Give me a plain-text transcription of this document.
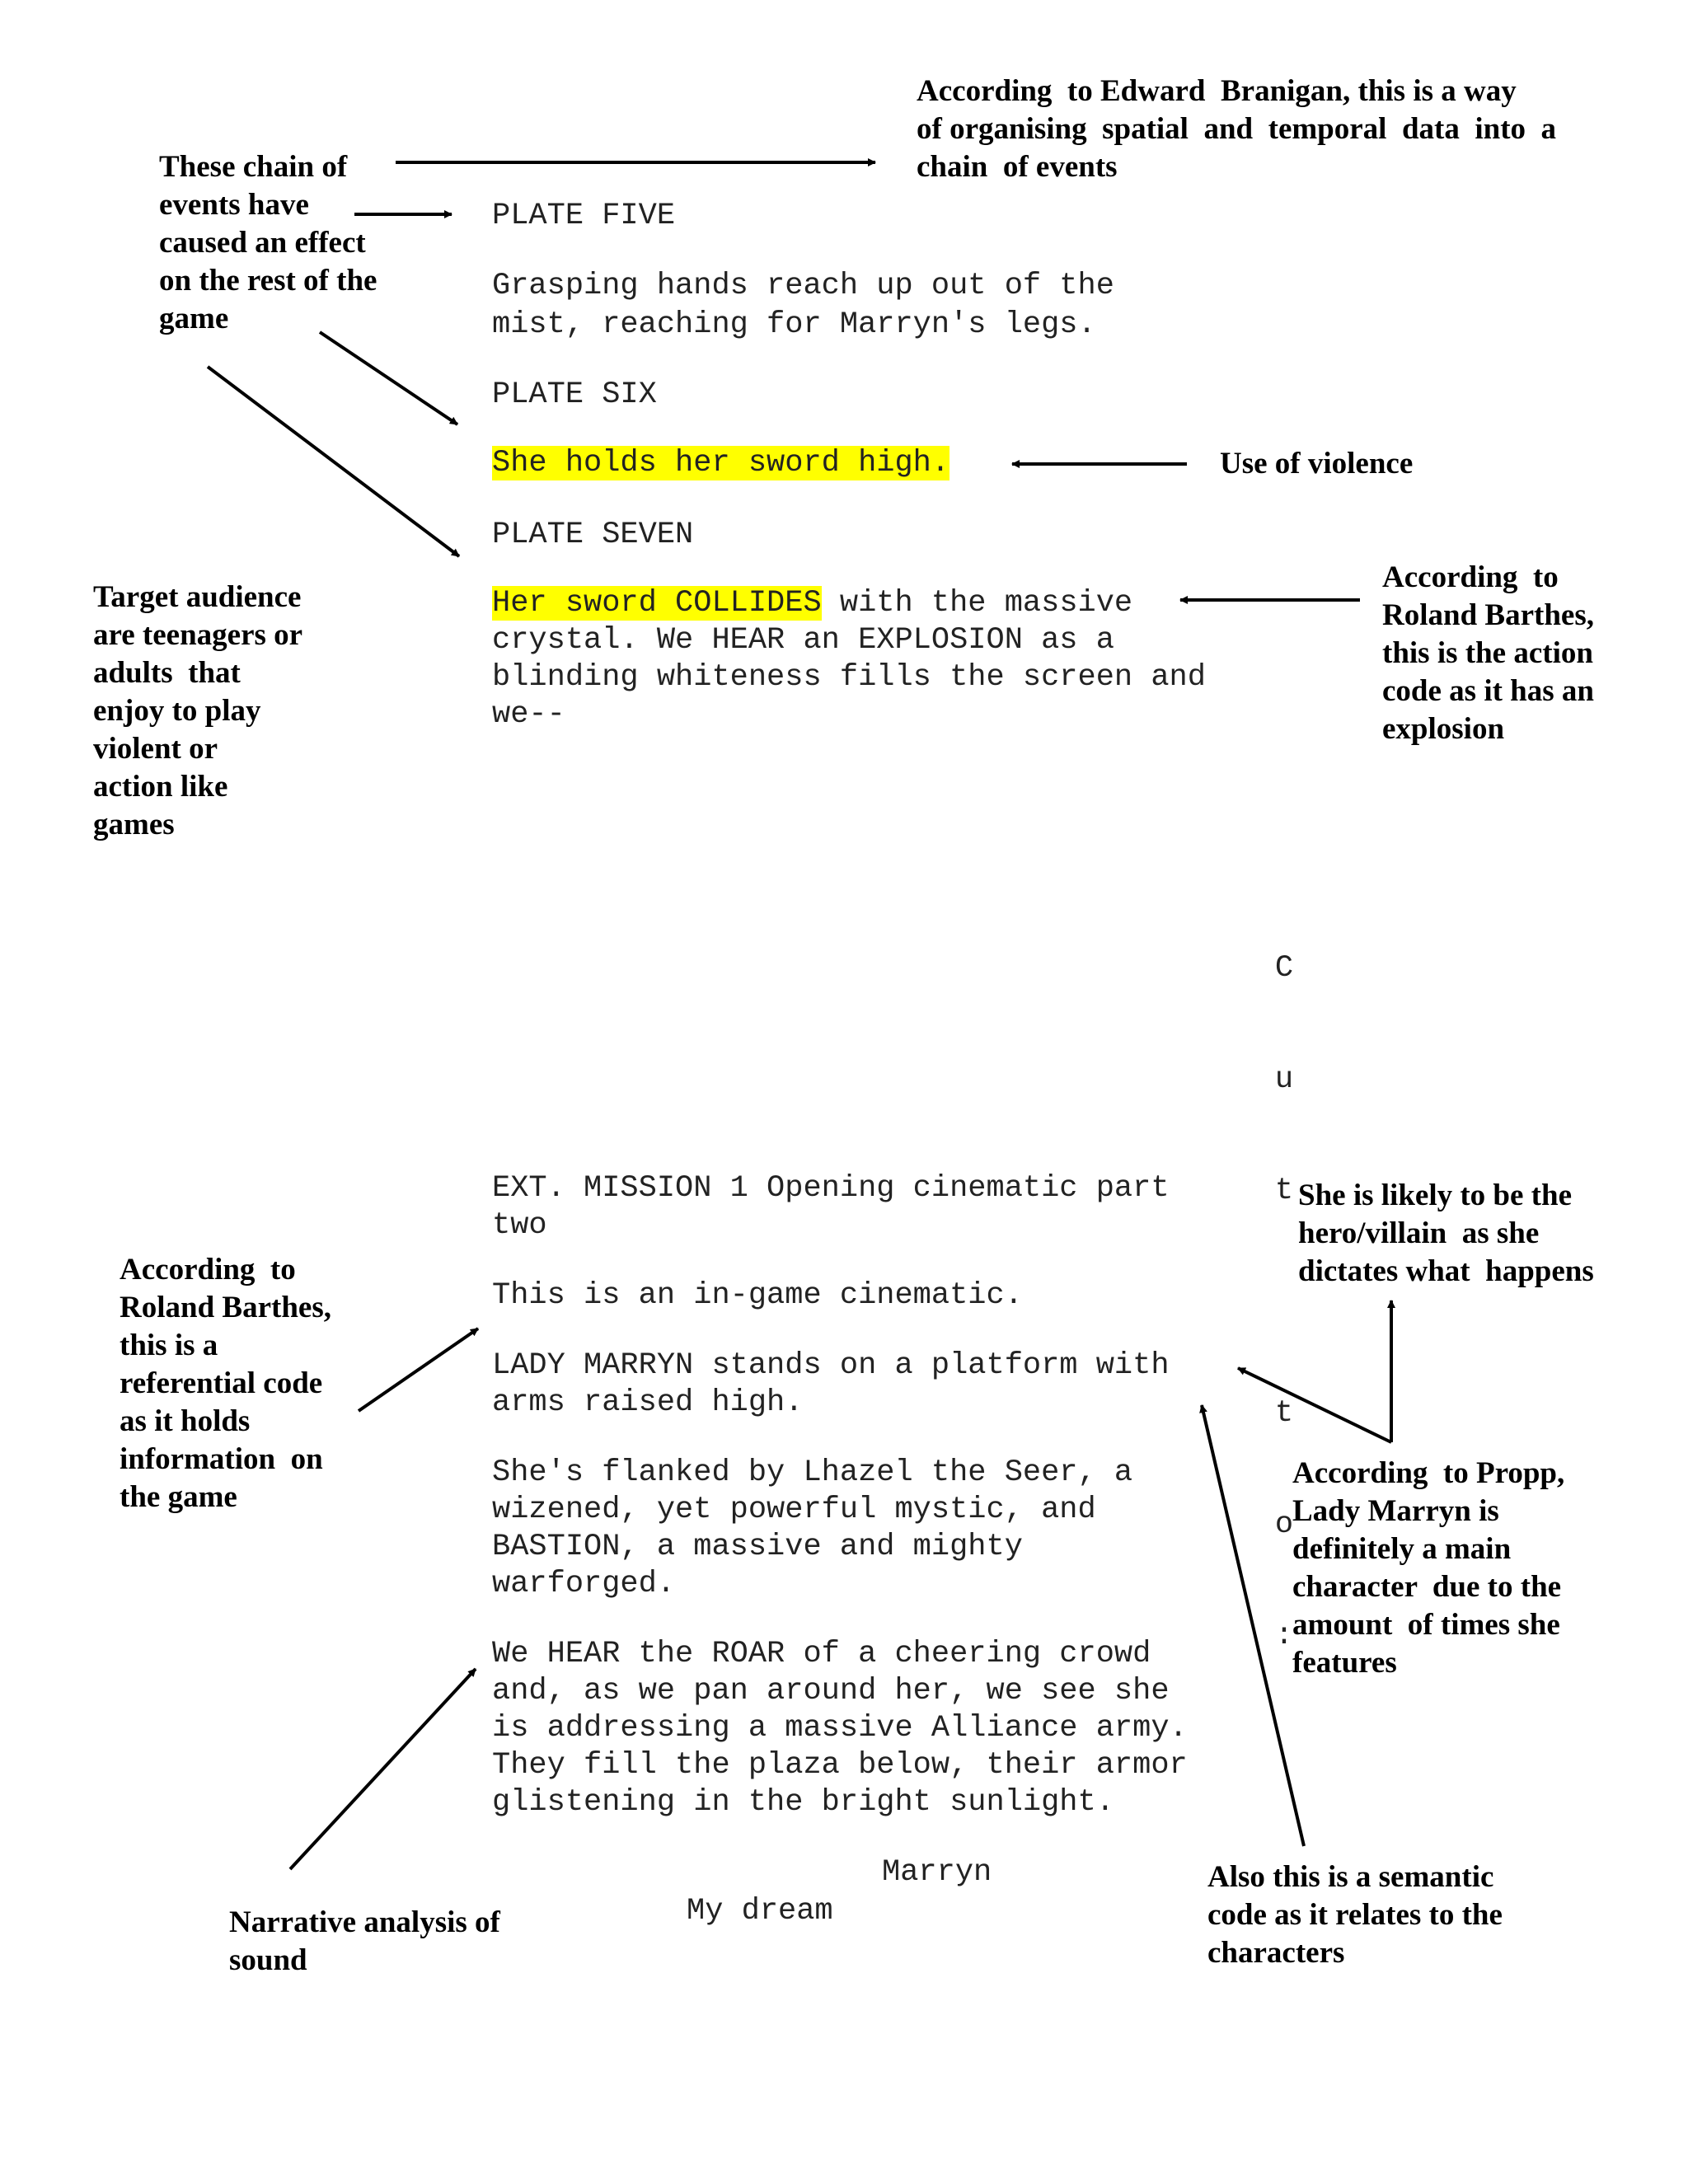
PLATE FIVE
Grasping hands reach up out of the
mist, reaching for Marryn's legs.
PLATE SIX
She holds her sword high.
PLATE SEVEN
Her sword COLLIDES with the massive
crystal. We HEAR an EXPLOSION as a
blinding whiteness fills the screen and
we--

C

u

t

t

o

:

EXT. MISSION 1 Opening cinematic part
two
This is an in-game cinematic.
LADY MARRYN stands on a platform with
arms raised high.
She's flanked by Lhazel the Seer, a
wizened, yet powerful mystic, and
BASTION, a massive and mighty
warforged.
We HEAR the ROAR of a cheering crowd
and, as we pan around her, we see she
is addressing a massive Alliance army.
They fill the plaza below, their armor
glistening in the bright sunlight.
Marryn
My dream
According  to Edward  Branigan, this is a way
of organising  spatial  and  temporal  data  into  a
chain  of events
These chain of
events have
caused an effect
on the rest of the
game
Use of violence
According  to
Roland Barthes,
this is the action
code as it has an
explosion
Target audience
are teenagers or
adults  that
enjoy to play
violent or
action like
games
She is likely to be the
hero/villain  as she
dictates what  happens
According  to
Roland Barthes,
this is a
referential code
as it holds
information  on
the game
According  to Propp,
Lady Marryn is
definitely a main
character  due to the
amount  of times she
features
Also this is a semantic
code as it relates to the
characters
Narrative analysis of
sound
